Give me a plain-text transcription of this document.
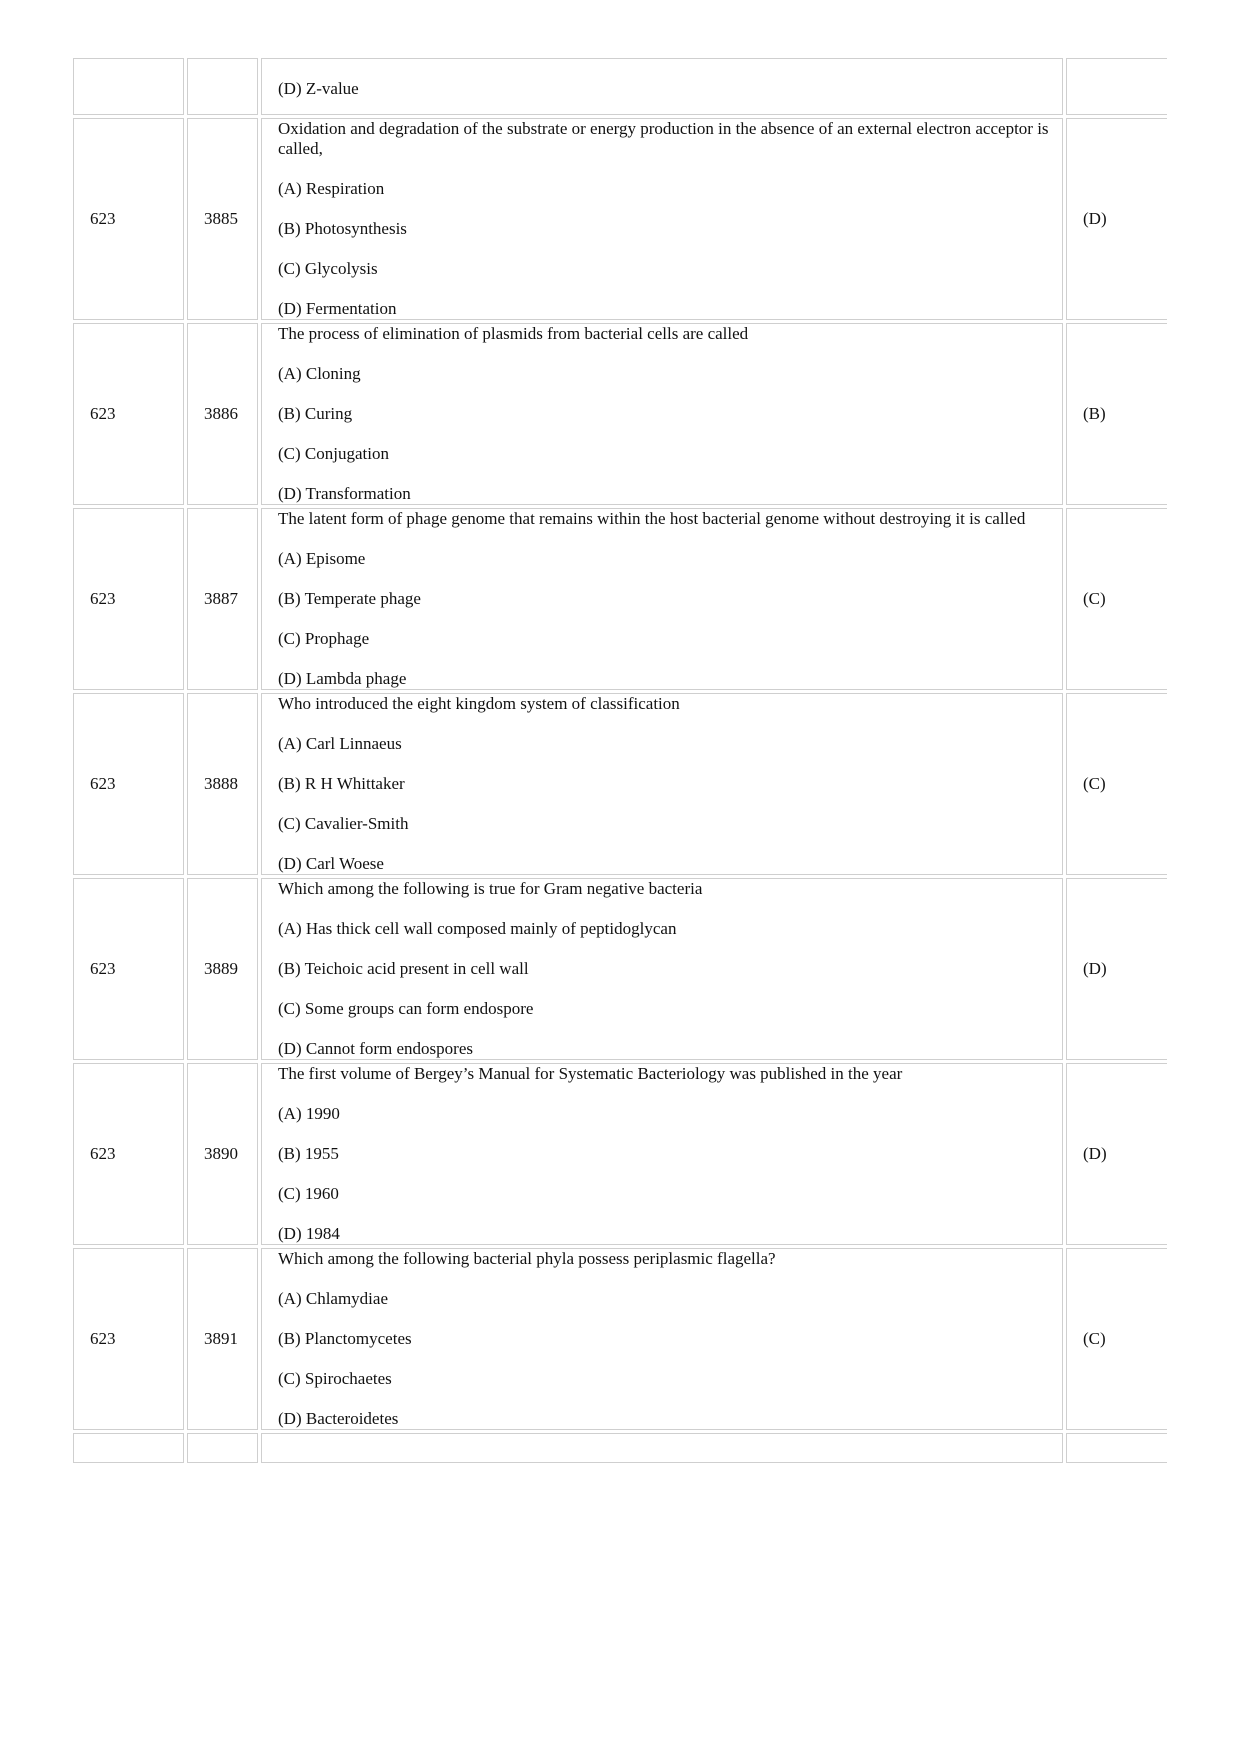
		(D) Z-value	

623	3885	Oxidation and degradation of the substrate or energy production in the absence of an external electron acceptor is called,
(A) Respiration
(B) Photosynthesis
(C) Glycolysis
(D) Fermentation	(D)
623	3886	The process of elimination of plasmids from bacterial cells are called
(A) Cloning
(B) Curing
(C) Conjugation
(D) Transformation	(B)
623	3887	The latent form of phage genome that remains within the host bacterial genome without destroying it is called
(A) Episome
(B) Temperate phage
(C) Prophage
(D) Lambda phage	(C)
623	3888	Who introduced the eight kingdom system of classification
(A) Carl Linnaeus
(B) R H Whittaker
(C) Cavalier-Smith
(D) Carl Woese	(C)
623	3889	Which among the following is true for Gram negative bacteria
(A) Has thick cell wall composed mainly of peptidoglycan
(B) Teichoic acid present in cell wall
(C) Some groups can form endospore
(D) Cannot form endospores	(D)
623	3890	The first volume of Bergey’s Manual for Systematic Bacteriology was published in the year
(A) 1990
(B) 1955
(C) 1960
(D) 1984	(D)
623	3891	Which among the following bacterial phyla possess periplasmic flagella?
(A) Chlamydiae
(B) Planctomycetes
(C) Spirochaetes
(D) Bacteroidetes	(C)
